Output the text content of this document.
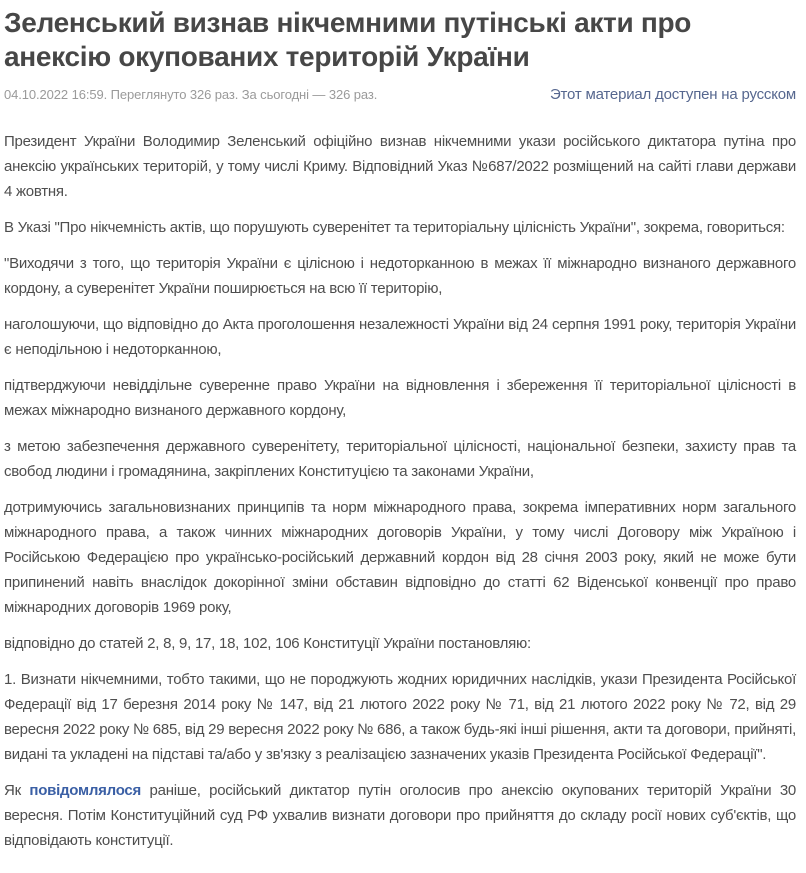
Зеленський визнав нікчемними путінські акти про анексію окупованих територій України
04.10.2022 16:59. Переглянуто 326 раз. За сьогодні — 326 раз.	Этот материал доступен на русском

Президент України Володимир Зеленський офіційно визнав нікчемними укази російського диктатора путіна про анексію українських територій, у тому числі Криму. Відповідний Указ №687/2022 розміщений на сайті глави держави 4 жовтня.

В Указі "Про нікчемність актів, що порушують суверенітет та територіальну цілісність України", зокрема, говориться:

"Виходячи з того, що територія України є цілісною і недоторканною в межах її міжнародно визнаного державного кордону, а суверенітет України поширюється на всю її територію,

наголошуючи, що відповідно до Акта проголошення незалежності України від 24 серпня 1991 року, територія України є неподільною і недоторканною,

підтверджуючи невіддільне суверенне право України на відновлення і збереження її територіальної цілісності в межах міжнародно визнаного державного кордону,

з метою забезпечення державного суверенітету, територіальної цілісності, національної безпеки, захисту прав та свобод людини і громадянина, закріплених Конституцією та законами України,

дотримуючись загальновизнаних принципів та норм міжнародного права, зокрема імперативних норм загального міжнародного права, а також чинних міжнародних договорів України, у тому числі Договору між Україною і Російською Федерацією про українсько-російський державний кордон від 28 січня 2003 року, який не може бути припинений навіть внаслідок докорінної зміни обставин відповідно до статті 62 Віденської конвенції про право міжнародних договорів 1969 року,

відповідно до статей 2, 8, 9, 17, 18, 102, 106 Конституції України постановляю:

1. Визнати нікчемними, тобто такими, що не породжують жодних юридичних наслідків, укази Президента Російської Федерації від 17 березня 2014 року № 147, від 21 лютого 2022 року № 71, від 21 лютого 2022 року № 72, від 29 вересня 2022 року № 685, від 29 вересня 2022 року № 686, а також будь-які інші рішення, акти та договори, прийняті, видані та укладені на підставі та/або у зв'язку з реалізацією зазначених указів Президента Російської Федерації".

Як повідомлялося раніше, російський диктатор путін оголосив про анексію окупованих територій України 30 вересня. Потім Конституційний суд РФ ухвалив визнати договори про прийняття до складу росії нових суб'єктів, що відповідають конституції.
